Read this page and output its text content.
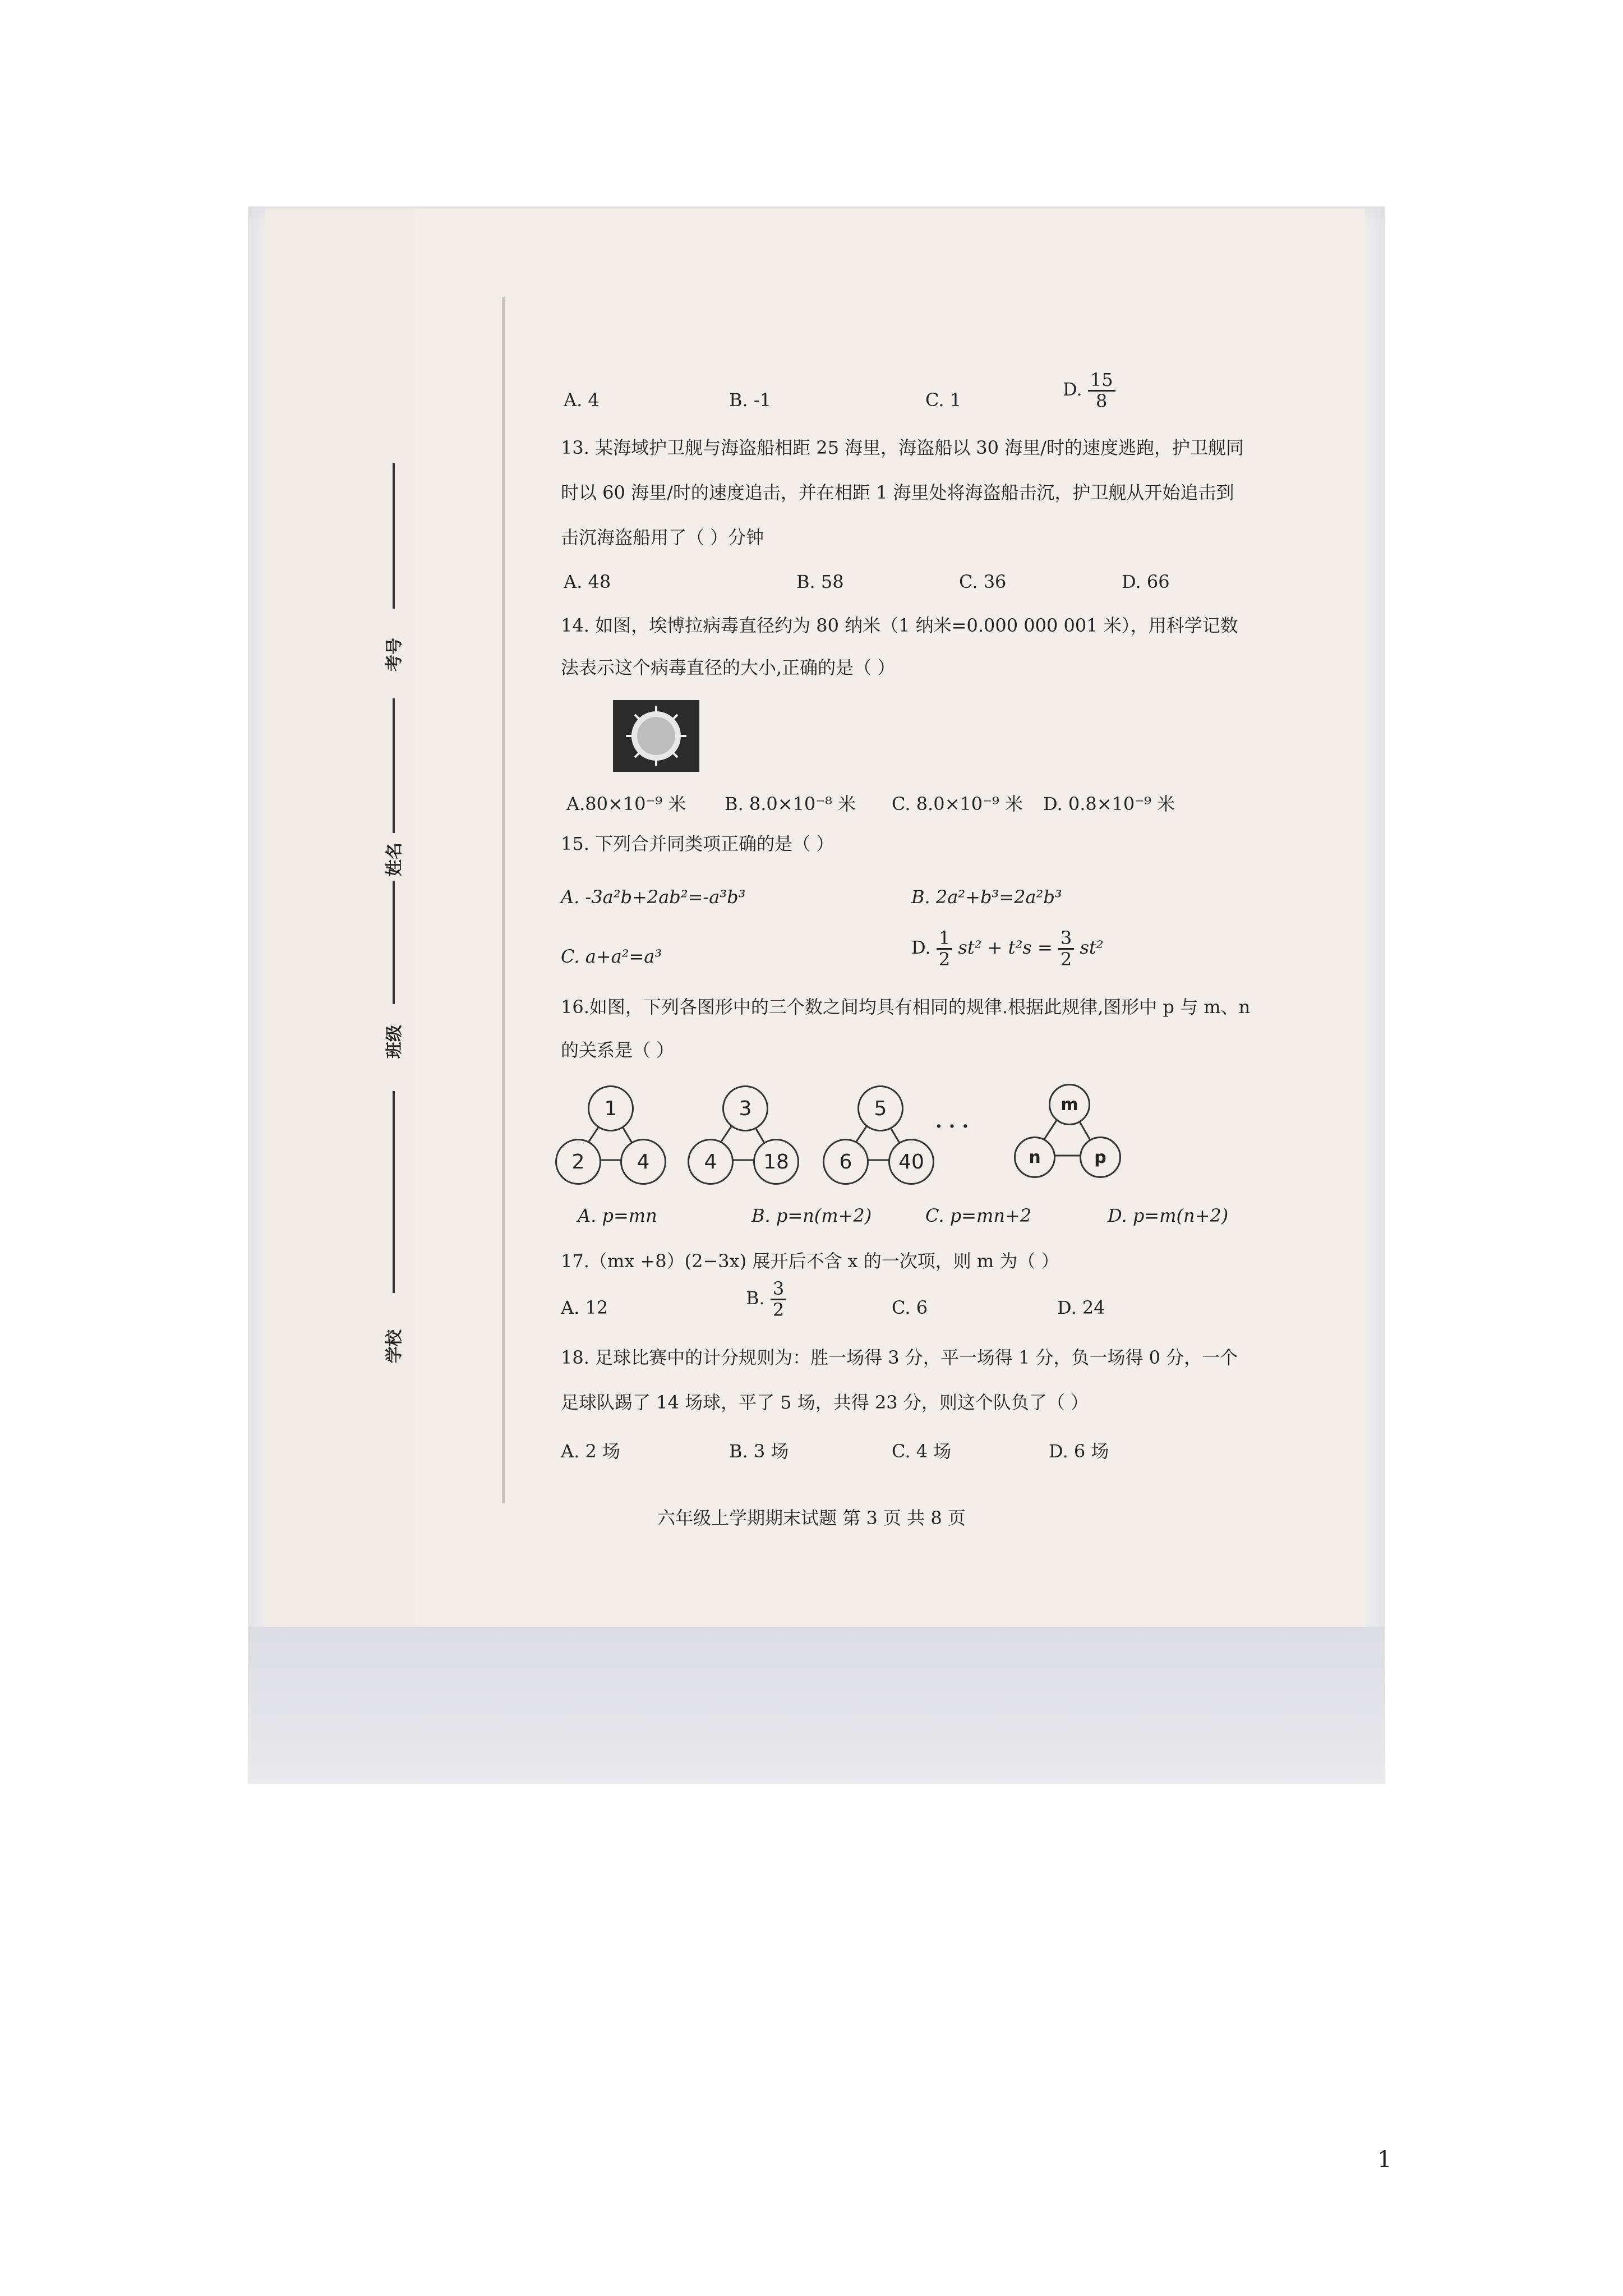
考号
姓名
班级
学校
A. 4	B. -1	C. 1	D. $\frac{15}{8}$
13. 某海域护卫舰与海盗船相距 25 海里，海盗船以 30 海里/时的速度逃跑，护卫舰同
时以 60 海里/时的速度追击，并在相距 1 海里处将海盗船击沉，护卫舰从开始追击到
击沉海盗船用了（ ）分钟
A. 48	B. 58	C. 36	D. 66
14. 如图，埃博拉病毒直径约为 80 纳米（1 纳米=0.000 000 001 米），用科学记数
法表示这个病毒直径的大小,正确的是（ ）
A.80×10⁻⁹ 米 B. 8.0×10⁻⁸ 米 C. 8.0×10⁻⁹ 米 D. 0.8×10⁻⁹ 米
15. 下列合并同类项正确的是（ ）
A. -3a²b+2ab²=-a³b³	B. 2a²+b³=2a²b³
C. a+a²=a³	D. $\frac{1}{2} st^2 + t^2s = \frac{3}{2} st^2$
16.如图，下列各图形中的三个数之间均具有相同的规律.根据此规律,图形中 p 与 m、n
的关系是（ ）
1
2	4
3
4	18
5
6	40
· · ·
m
n	p
A. p=mn	B. p=n(m+2)	C. p=mn+2	D. p=m(n+2)
17.（mx +8）(2−3x) 展开后不含 x 的一次项，则 m 为（ ）
A. 12	B. $\frac{3}{2}$	C. 6	D. 24
18. 足球比赛中的计分规则为：胜一场得 3 分，平一场得 1 分，负一场得 0 分，一个
足球队踢了 14 场球，平了 5 场，共得 23 分，则这个队负了（ ）
A. 2 场	B. 3 场	C. 4 场	D. 6 场
六年级上学期期末试题 第 3 页 共 8 页
1
